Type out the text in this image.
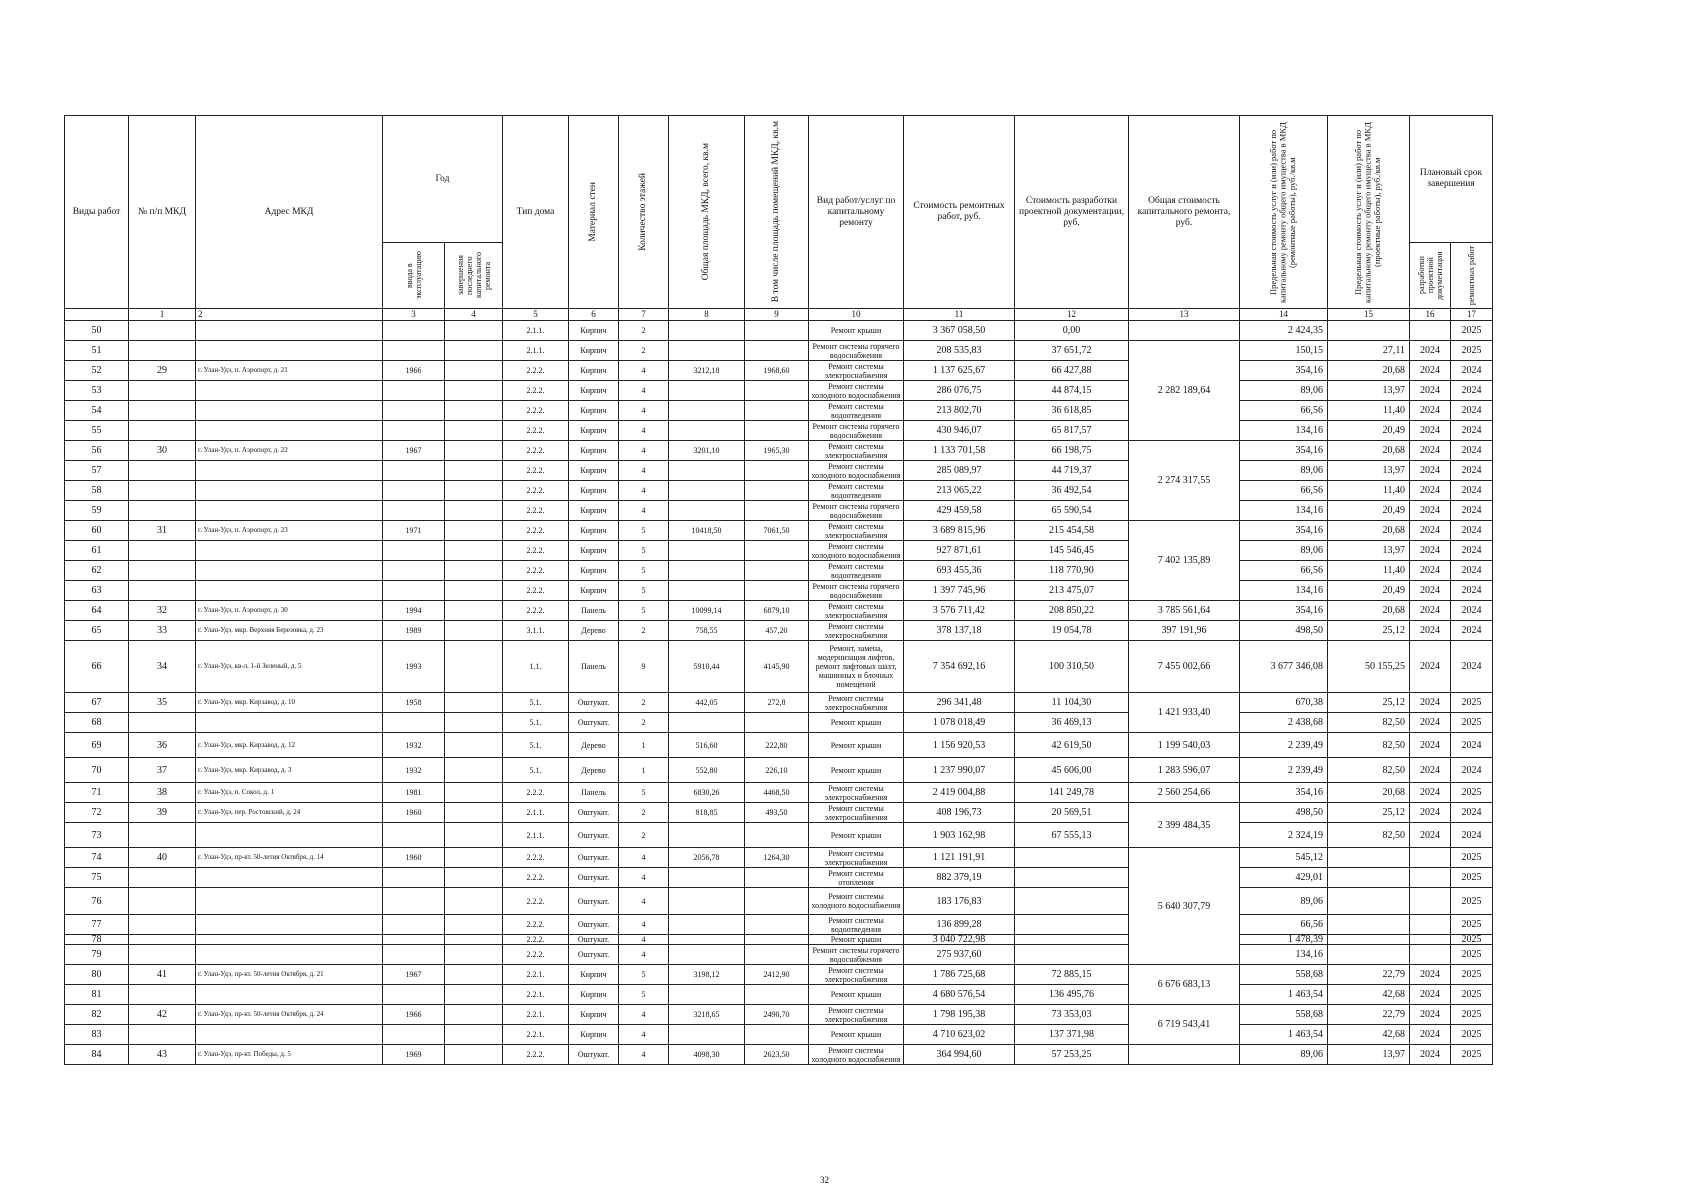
Виды работ	№ п/п МКД	Адрес МКД	Год		Тип дома	Материал стен	Количество этажей	Общая площадь МКД, всего, кв.м	В том числе площадь помещений МКД, кв.м	Вид работ/услуг по капитальному ремонту	Стоимость ремонтных работ, руб.	Стоимость разработки проектной документации, руб.	Общая стоимость капитального ремонта, руб.	Предельная стоимость услуг и (или) работ по капитальному ремонту общего имущества в МКД (ремонтные работы), руб./кв.м	Предельная стоимость услуг и (или) работ по капитальному ремонту общего имущества в МКД (проектные работы), руб./кв.м	Плановый срок завершения	

			ввода в эксплуатацию	завершения последнего капитального ремонта												разработки проектной документации	ремонтных работ

	1	2	3	4	5	6	7	8	9	10	11	12	13	14	15	16	17
50					2.1.1.	Кирпич	2			Ремонт крыши	3 367 058,50	0,00		2 424,35			2025
51					2.1.1.	Кирпич	2			Ремонт системы горячего водоснабжения	208 535,83	37 651,72	2 282 189,64	150,15	27,11	2024	2025
52	29	г. Улан-Удэ, п. Аэропорт, д. 21	1966		2.2.2.	Кирпич	4	3212,18	1968,60	Ремонт системы электроснабжения	1 137 625,67	66 427,88		354,16	20,68	2024	2024
53					2.2.2.	Кирпич	4			Ремонт системы холодного водоснабжения	286 076,75	44 874,15		89,06	13,97	2024	2024
54					2.2.2.	Кирпич	4			Ремонт системы водоотведения	213 802,70	36 618,85		66,56	11,40	2024	2024
55					2.2.2.	Кирпич	4			Ремонт системы горячего водоснабжения	430 946,07	65 817,57		134,16	20,49	2024	2024
56	30	г. Улан-Удэ, п. Аэропорт, д. 22	1967		2.2.2.	Кирпич	4	3201,10	1965,30	Ремонт системы электроснабжения	1 133 701,58	66 198,75	2 274 317,55	354,16	20,68	2024	2024
57					2.2.2.	Кирпич	4			Ремонт системы холодного водоснабжения	285 089,97	44 719,37		89,06	13,97	2024	2024
58					2.2.2.	Кирпич	4			Ремонт системы водоотведения	213 065,22	36 492,54		66,56	11,40	2024	2024
59					2.2.2.	Кирпич	4			Ремонт системы горячего водоснабжения	429 459,58	65 590,54		134,16	20,49	2024	2024
60	31	г. Улан-Удэ, п. Аэропорт, д. 23	1971		2.2.2.	Кирпич	5	10418,50	7061,50	Ремонт системы электроснабжения	3 689 815,96	215 454,58	7 402 135,89	354,16	20,68	2024	2024
61					2.2.2.	Кирпич	5			Ремонт системы холодного водоснабжения	927 871,61	145 546,45		89,06	13,97	2024	2024
62					2.2.2.	Кирпич	5			Ремонт системы водоотведения	693 455,36	118 770,90		66,56	11,40	2024	2024
63					2.2.2.	Кирпич	5			Ремонт системы горячего водоснабжения	1 397 745,96	213 475,07		134,16	20,49	2024	2024
64	32	г. Улан-Удэ, п. Аэропорт, д. 30	1994		2.2.2.	Панель	5	10099,14	6879,10	Ремонт системы электроснабжения	3 576 711,42	208 850,22	3 785 561,64	354,16	20,68	2024	2024
65	33	г. Улан-Удэ, мкр. Верхняя Березовка, д. 23	1989		3.1.1.	Дерево	2	758,55	457,20	Ремонт системы электроснабжения	378 137,18	19 054,78	397 191,96	498,50	25,12	2024	2024
66	34	г. Улан-Удэ, кв-л. 1-й Зеленый, д. 5	1993		1.1.	Панель	9	5910,44	4145,90	Ремонт, замена, модернизация лифтов, ремонт лифтовых шахт, машинных и блочных помещений	7 354 692,16	100 310,50	7 455 002,66	3 677 346,08	50 155,25	2024	2024
67	35	г. Улан-Удэ, мкр. Кирзавод, д. 10	1958		5.1.	Оштукат.	2	442,05	272,8	Ремонт системы электроснабжения	296 341,48	11 104,30	1 421 933,40	670,38	25,12	2024	2025
68					5.1.	Оштукат.	2			Ремонт крыши	1 078 018,49	36 469,13		2 438,68	82,50	2024	2025
69	36	г. Улан-Удэ, мкр. Кирзавод, д. 12	1932		5.1.	Дерево	1	516,60	222,80	Ремонт крыши	1 156 920,53	42 619,50	1 199 540,03	2 239,49	82,50	2024	2024
70	37	г. Улан-Удэ, мкр. Кирзавод, д. 3	1932		5.1.	Дерево	1	552,80	226,10	Ремонт крыши	1 237 990,07	45 606,00	1 283 596,07	2 239,49	82,50	2024	2024
71	38	г. Улан-Удэ, п. Сокол, д. 1	1981		2.2.2.	Панель	5	6830,26	4468,50	Ремонт системы электроснабжения	2 419 004,88	141 249,78	2 560 254,66	354,16	20,68	2024	2025
72	39	г. Улан-Удэ, пер. Ростовский, д. 24	1960		2.1.1.	Оштукат.	2	818,85	493,50	Ремонт системы электроснабжения	408 196,73	20 569,51	2 399 484,35	498,50	25,12	2024	2024
73					2.1.1.	Оштукат.	2			Ремонт крыши	1 903 162,98	67 555,13		2 324,19	82,50	2024	2024
74	40	г. Улан-Удэ, пр-кт. 50-летия Октября, д. 14	1960		2.2.2.	Оштукат.	4	2056,78	1264,30	Ремонт системы электроснабжения	1 121 191,91		5 640 307,79	545,12			2025
75					2.2.2.	Оштукат.	4			Ремонт системы отопления	882 379,19			429,01			2025
76					2.2.2.	Оштукат.	4			Ремонт системы холодного водоснабжения	183 176,83			89,06			2025
77					2.2.2.	Оштукат.	4			Ремонт системы водоотведения	136 899,28			66,56			2025
78					2.2.2.	Оштукат.	4			Ремонт крыши	3 040 722,98			1 478,39			2025
79					2.2.2.	Оштукат.	4			Ремонт системы горячего водоснабжения	275 937,60			134,16			2025
80	41	г. Улан-Удэ, пр-кт. 50-летия Октября, д. 21	1967		2.2.1.	Кирпич	5	3198,12	2412,90	Ремонт системы электроснабжения	1 786 725,68	72 885,15	6 676 683,13	558,68	22,79	2024	2025
81					2.2.1.	Кирпич	5			Ремонт крыши	4 680 576,54	136 495,76		1 463,54	42,68	2024	2025
82	42	г. Улан-Удэ, пр-кт. 50-летия Октября, д. 24	1966		2.2.1.	Кирпич	4	3218,65	2490,70	Ремонт системы электроснабжения	1 798 195,38	73 353,03	6 719 543,41	558,68	22,79	2024	2025
83					2.2.1.	Кирпич	4			Ремонт крыши	4 710 623,02	137 371,98		1 463,54	42,68	2024	2025
84	43	г. Улан-Удэ, пр-кт. Победы, д. 5	1969		2.2.2.	Оштукат.	4	4098,30	2623,50	Ремонт системы холодного водоснабжения	364 994,60	57 253,25		89,06	13,97	2024	2025
32
